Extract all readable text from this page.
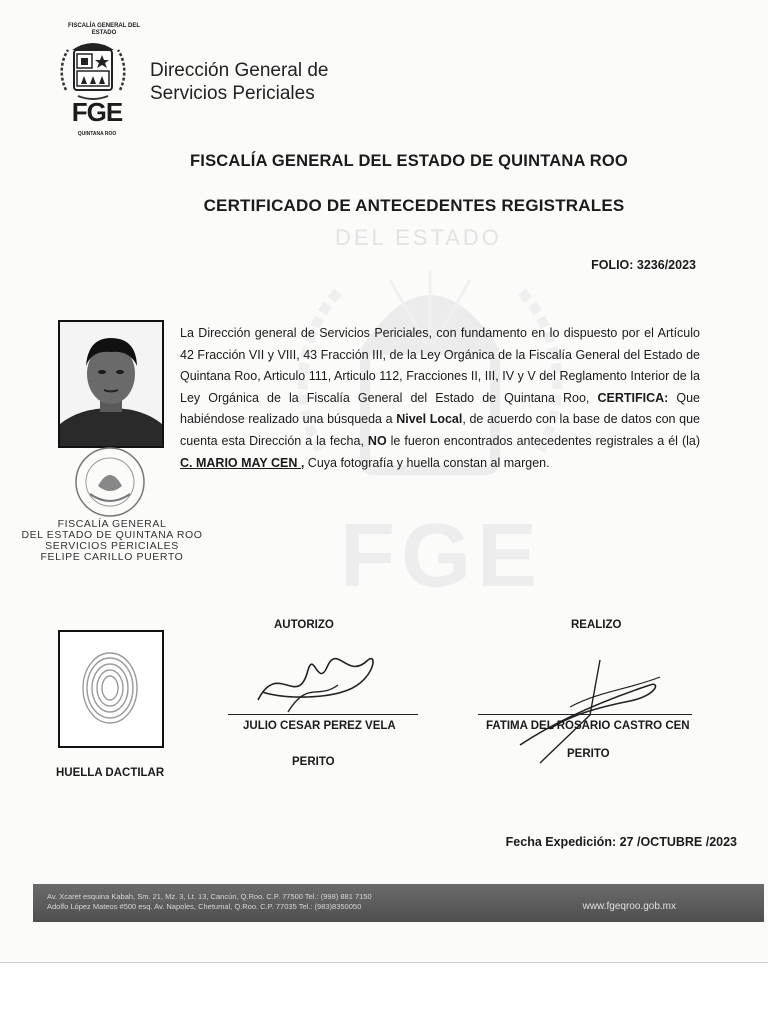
FISCALÍA GENERAL DEL ESTADO
FGE
QUINTANA ROO
Dirección General de
Servicios Periciales
DEL ESTADO
FGE
FISCALÍA GENERAL DEL ESTADO DE QUINTANA ROO
CERTIFICADO DE ANTECEDENTES REGISTRALES
FOLIO: 3236/2023
FISCALÍA GENERAL
DEL ESTADO DE QUINTANA ROO
SERVICIOS PERICIALES
FELIPE CARILLO PUERTO
La Dirección general de Servicios Periciales, con fundamento en lo dispuesto por el Artículo 42 Fracción VII y VIII, 43 Fracción III, de la Ley Orgánica de la Fiscalía General del Estado de Quintana Roo, Articulo 111, Articulo 112, Fracciones II, III, IV y V del Reglamento Interior de la Ley Orgánica de la Fiscalía General del Estado de Quintana Roo, CERTIFICA: Que habiéndose realizado una búsqueda a Nivel Local, de acuerdo con la base de datos con que cuenta esta Dirección a la fecha, NO le fueron encontrados antecedentes registrales a él (la) C. MARIO MAY CEN , Cuya fotografía y huella constan al margen.
AUTORIZO
JULIO CESAR PEREZ VELA
PERITO
REALIZO
FATIMA DEL ROSARIO CASTRO CEN
PERITO
HUELLA DACTILAR
Fecha Expedición: 27 /OCTUBRE /2023
Av. Xcaret esquina Kabah, Sm. 21, Mz. 3, Lt. 13, Cancún, Q.Roo. C.P. 77500 Tel.: (998) 881 7150
Adolfo López Mateos #500 esq. Av. Napoles, Chetumal, Q.Roo. C.P. 77035 Tel.: (983)8350050	www.fgeqroo.gob.mx
